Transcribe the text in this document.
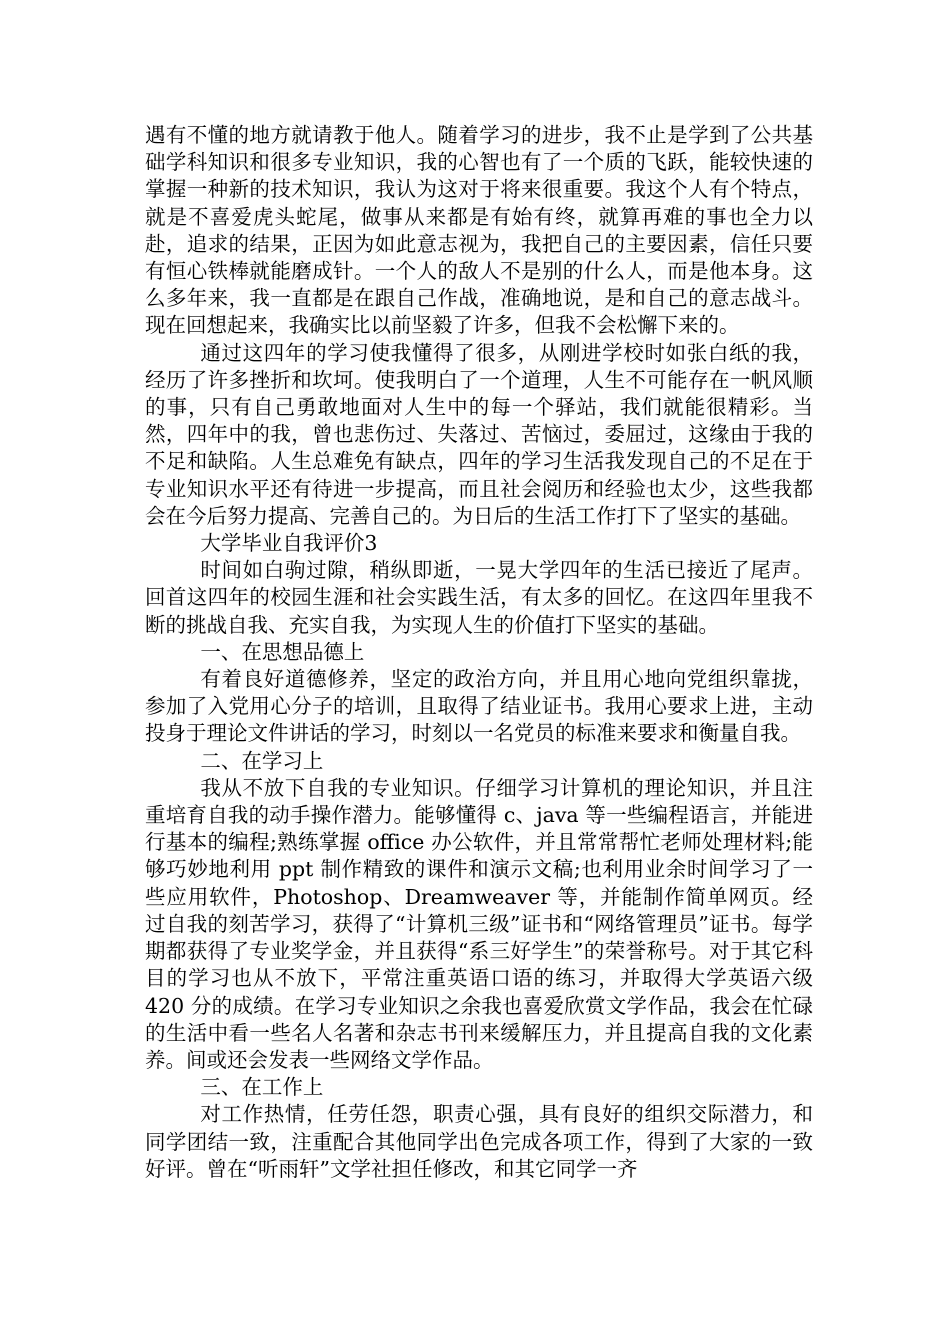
遇有不懂的地方就请教于他人。随着学习的进步，我不止是学到了公共基础学科知识和很多专业知识，我的心智也有了一个质的飞跃，能较快速的掌握一种新的技术知识，我认为这对于将来很重要。我这个人有个特点，就是不喜爱虎头蛇尾，做事从来都是有始有终，就算再难的事也全力以赴，追求的结果，正因为如此意志视为，我把自己的主要因素，信任只要有恒心铁棒就能磨成针。一个人的敌人不是别的什么人，而是他本身。这么多年来，我一直都是在跟自己作战，准确地说，是和自己的意志战斗。现在回想起来，我确实比以前坚毅了许多，但我不会松懈下来的。

通过这四年的学习使我懂得了很多，从刚进学校时如张白纸的我，经历了许多挫折和坎坷。使我明白了一个道理，人生不可能存在一帆风顺的事，只有自己勇敢地面对人生中的每一个驿站，我们就能很精彩。当然，四年中的我，曾也悲伤过、失落过、苦恼过，委屈过，这缘由于我的不足和缺陷。人生总难免有缺点，四年的学习生活我发现自己的不足在于专业知识水平还有待进一步提高，而且社会阅历和经验也太少，这些我都会在今后努力提高、完善自己的。为日后的生活工作打下了坚实的基础。

大学毕业自我评价3

时间如白驹过隙，稍纵即逝，一晃大学四年的生活已接近了尾声。回首这四年的校园生涯和社会实践生活，有太多的回忆。在这四年里我不断的挑战自我、充实自我，为实现人生的价值打下坚实的基础。

一、在思想品德上

有着良好道德修养，坚定的政治方向，并且用心地向党组织靠拢，参加了入党用心分子的培训，且取得了结业证书。我用心要求上进，主动投身于理论文件讲话的学习，时刻以一名党员的标准来要求和衡量自我。

二、在学习上

我从不放下自我的专业知识。仔细学习计算机的理论知识，并且注重培育自我的动手操作潜力。能够懂得 c、java 等一些编程语言，并能进行基本的编程;熟练掌握 office 办公软件，并且常常帮忙老师处理材料;能够巧妙地利用 ppt 制作精致的课件和演示文稿;也利用业余时间学习了一些应用软件，Photoshop、Dreamweaver 等，并能制作简单网页。经过自我的刻苦学习，获得了“计算机三级”证书和“网络管理员”证书。每学期都获得了专业奖学金，并且获得“系三好学生”的荣誉称号。对于其它科目的学习也从不放下，平常注重英语口语的练习，并取得大学英语六级 420 分的成绩。在学习专业知识之余我也喜爱欣赏文学作品，我会在忙碌的生活中看一些名人名著和杂志书刊来缓解压力，并且提高自我的文化素养。间或还会发表一些网络文学作品。

三、在工作上

对工作热情，任劳任怨，职责心强，具有良好的组织交际潜力，和同学团结一致，注重配合其他同学出色完成各项工作，得到了大家的一致好评。曾在“听雨轩”文学社担任修改，和其它同学一齐
